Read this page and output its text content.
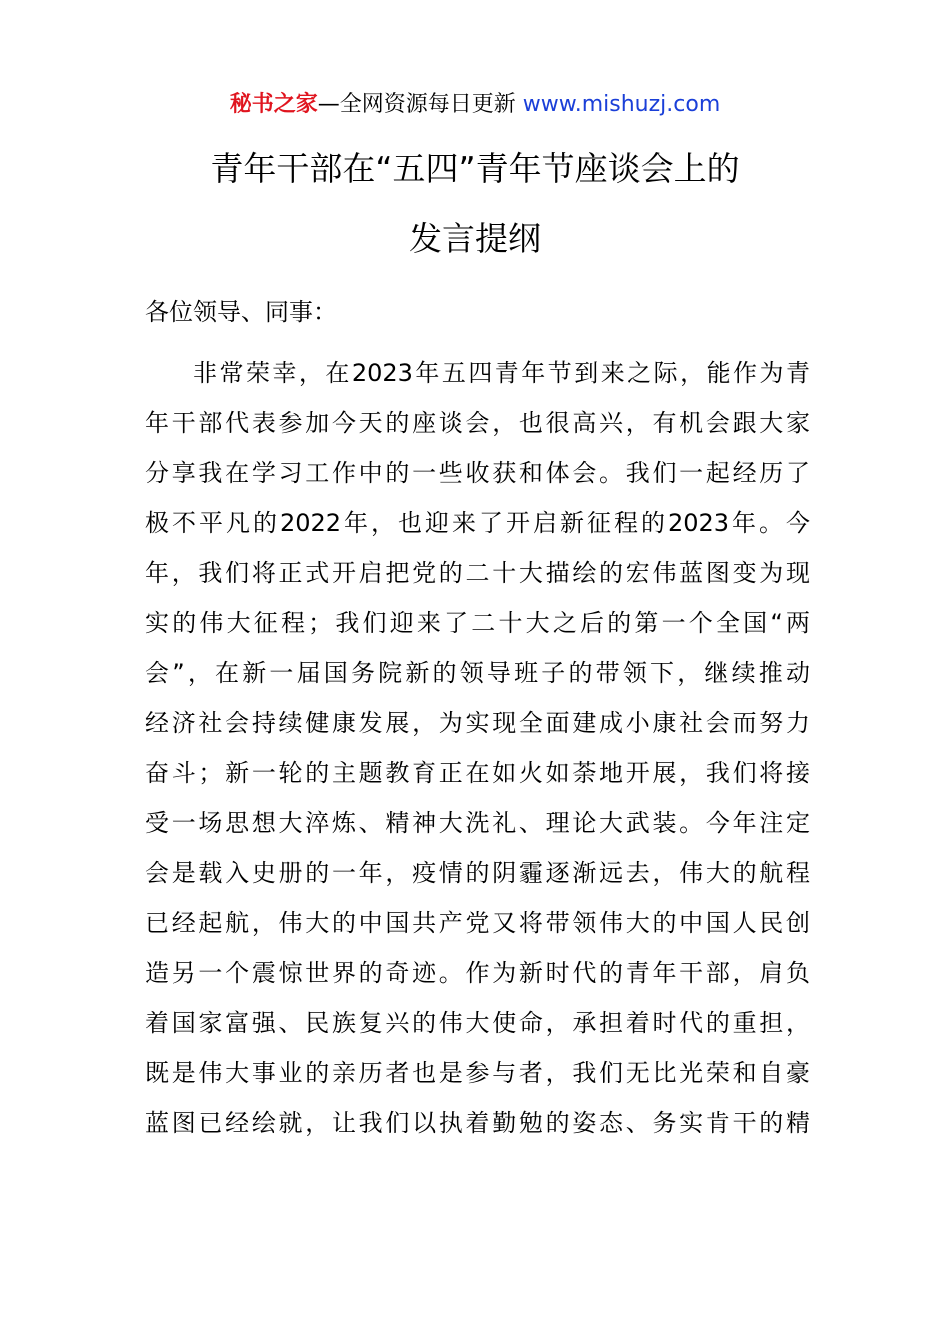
秘书之家—全网资源每日更新 www.mishuzj.com
青年干部在“五四”青年节座谈会上的
发言提纲
各位领导、同事：
非常荣幸，在2023年五四青年节到来之际，能作为青
年干部代表参加今天的座谈会，也很高兴，有机会跟大家
分享我在学习工作中的一些收获和体会。我们一起经历了
极不平凡的2022年，也迎来了开启新征程的2023年。今
年，我们将正式开启把党的二十大描绘的宏伟蓝图变为现
实的伟大征程；我们迎来了二十大之后的第一个全国“两
会”，在新一届国务院新的领导班子的带领下，继续推动
经济社会持续健康发展，为实现全面建成小康社会而努力
奋斗；新一轮的主题教育正在如火如荼地开展，我们将接
受一场思想大淬炼、精神大洗礼、理论大武装。今年注定
会是载入史册的一年，疫情的阴霾逐渐远去，伟大的航程
已经起航，伟大的中国共产党又将带领伟大的中国人民创
造另一个震惊世界的奇迹。作为新时代的青年干部，肩负
着国家富强、民族复兴的伟大使命，承担着时代的重担，
既是伟大事业的亲历者也是参与者，我们无比光荣和自豪
蓝图已经绘就，让我们以执着勤勉的姿态、务实肯干的精
